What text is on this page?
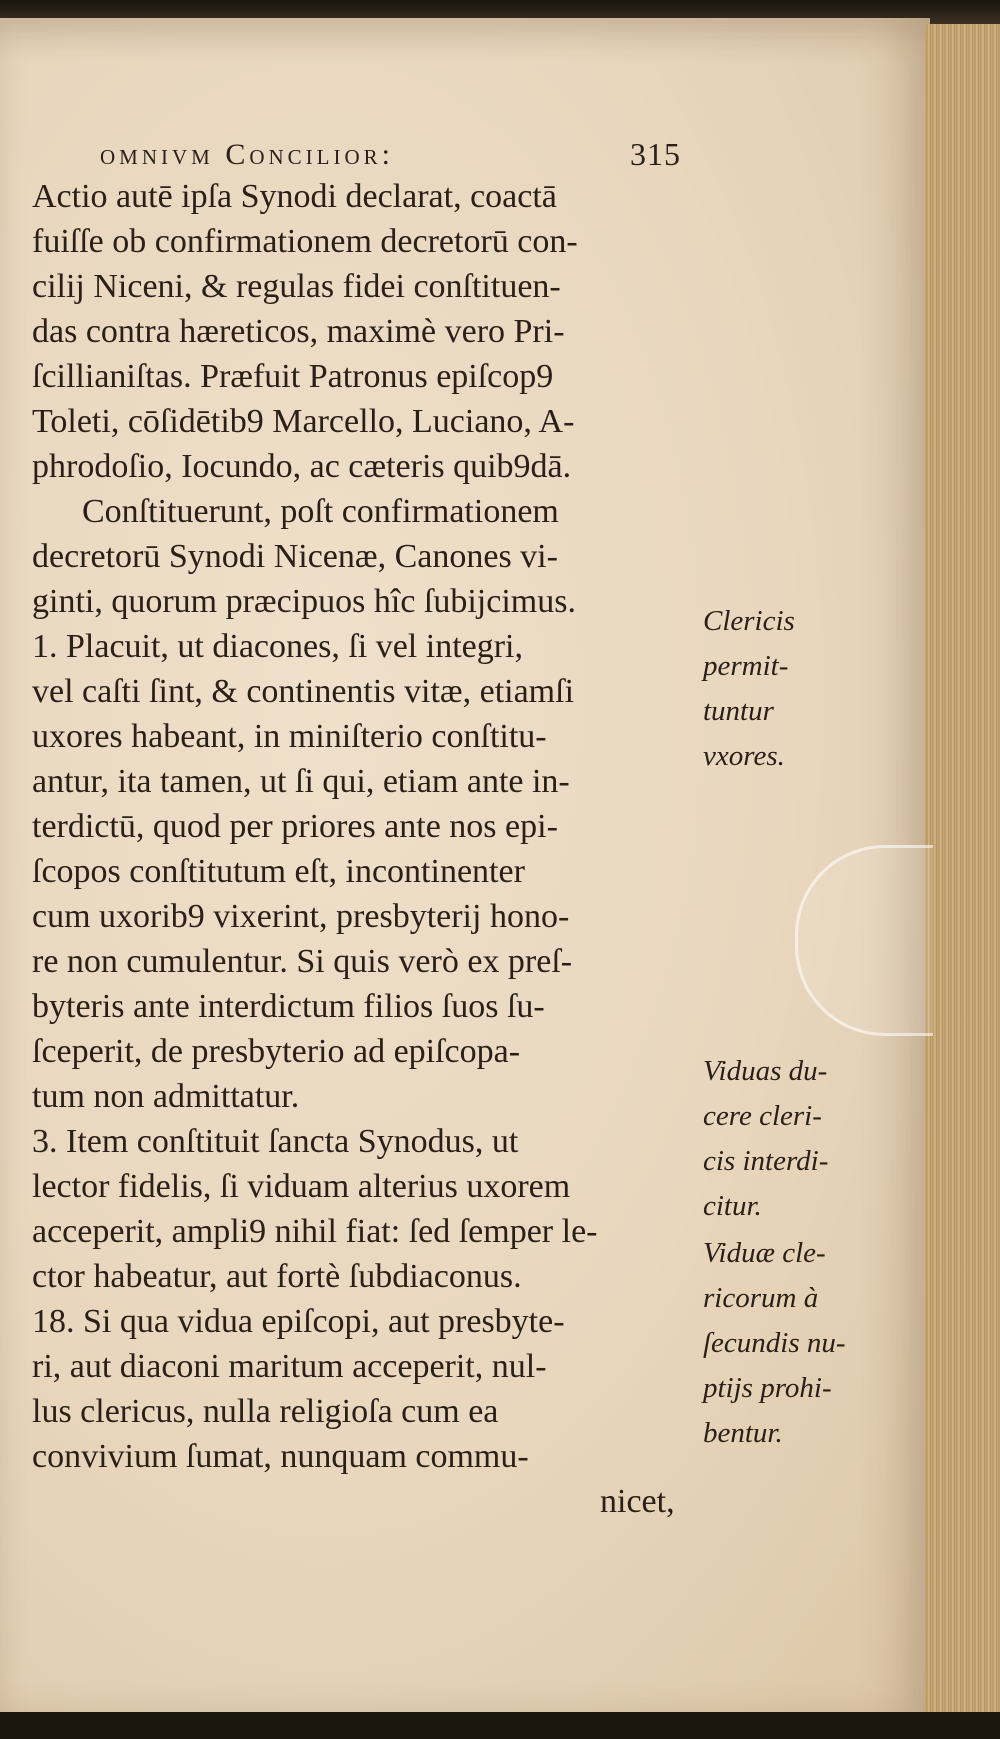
omnivm Concilior:	315
Actio autē ipſa Synodi declarat, coactā
fuiſſe ob confirmationem decretorū con-
cilij Niceni, & regulas fidei conſtituen-
das contra hæreticos, maximè vero Pri-
ſcillianiſtas. Præfuit Patronus epiſcop9
Toleti, cōſidētib9 Marcello, Luciano, A-
phrodoſio, Iocundo, ac cæteris quib9dā.
Conſtituerunt, poſt confirmationem
decretorū Synodi Nicenæ, Canones vi-
ginti, quorum præcipuos hîc ſubijcimus.
1. Placuit, ut diacones, ſi vel integri,
vel caſti ſint, & continentis vitæ, etiamſi
uxores habeant, in miniſterio conſtitu-
antur, ita tamen, ut ſi qui, etiam ante in-
terdictū, quod per priores ante nos epi-
ſcopos conſtitutum eſt, incontinenter
cum uxorib9 vixerint, presbyterij hono-
re non cumulentur. Si quis verò ex preſ-
byteris ante interdictum filios ſuos ſu-
ſceperit, de presbyterio ad epiſcopa-
tum non admittatur.
3. Item conſtituit ſancta Synodus, ut
lector fidelis, ſi viduam alterius uxorem
acceperit, ampli9 nihil fiat: ſed ſemper le-
ctor habeatur, aut fortè ſubdiaconus.
18. Si qua vidua epiſcopi, aut presbyte-
ri, aut diaconi maritum acceperit, nul-
lus clericus, nulla religioſa cum ea
convivium ſumat, nunquam commu-
nicet,
Clericis
permit-
tuntur
vxores.
Viduas du-
cere cleri-
cis interdi-
citur.
Viduæ cle-
ricorum à
ſecundis nu-
ptijs prohi-
bentur.
